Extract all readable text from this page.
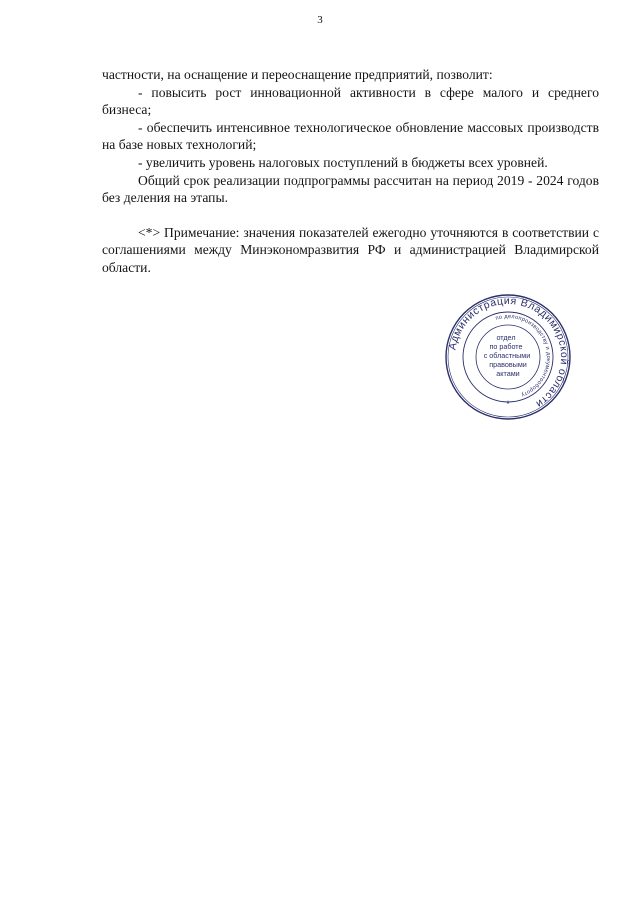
3

частности, на оснащение и переоснащение предприятий, позволит:

- повысить рост инновационной активности в сфере малого и среднего бизнеса;

- обеспечить интенсивное технологическое обновление массовых производств на базе новых технологий;

- увеличить уровень налоговых поступлений в бюджеты всех уровней.

Общий срок реализации подпрограммы рассчитан на период 2019 - 2024 годов без деления на этапы.

<*> Примечание: значения показателей ежегодно уточняются в соответствии с соглашениями между Минэкономразвития РФ и администрацией Владимирской области.

Администрация Владимирской области
по делопроизводству и документообороту
*
отдел
по работе
с областными
правовыми
актами
